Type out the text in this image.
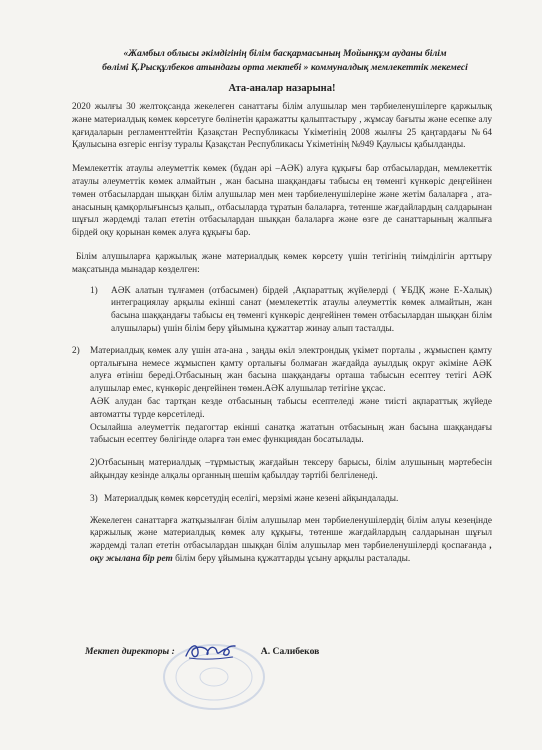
«Жамбыл облысы әкімдігінің білім басқармасының Мойынқұм ауданы білім
бөлімі Қ.Рысқұлбеков атындағы орта мектебі » коммуналдық мемлекеттік мекемесі
Ата-аналар назарына!

2020 жылғы 30 желтоқсанда жекелеген санаттағы білім алушылар мен тәрбиеленушілерге қаржылық және материалдық көмек көрсетуге бөлінетін қаражатты қалыптастыру , жұмсау бағыты және есепке алу қағидаларын регламенттейтін Қазақстан Республикасы Үкіметінің 2008 жылғы 25 қаңтардағы №64 Қаулысына өзгеріс енгізу туралы Қазақстан Республикасы Үкіметінің №949 Қаулысы қабылданды.

Мемлекеттік атаулы әлеуметтік көмек (бұдан әрі –АӘК) алуға құқығы бар отбасылардан, мемлекеттік атаулы әлеуметтік көмек алмайтын , жан басына шаққандағы табысы ең төменгі күнкөріс деңгейінен төмен отбасылардан шыққан білім алушылар мен мен тәрбиеленушілеріне және жетім балаларға , ата-анасының қамқорлығынсыз қалып,, отбасыларда тұратын балаларға, төтенше жағдайлардың салдарынан шұғыл жәрдемді талап ететін отбасылардан шыққан балаларға және өзге де санаттарының жалпыға бірдей оқу қорынан көмек алуға құқығы бар.

Білім алушыларға қаржылық және материалдық көмек көрсету үшін тетігінің тиімділігін арттыру мақсатында мынадар көзделген:

1)	АӘК алатын тұлғамен (отбасымен) бірдей ,Ақпараттық жүйелерді ( ҰБДҚ және Е-Халық) интеграциялау арқылы екінші санат (мемлекеттік атаулы әлеуметтік көмек алмайтын, жан басына шаққандағы табысы ең төменгі күнкөріс деңгейінен төмен отбасылардан шыққан білім алушылары) үшін білім беру ұйымына құжаттар жинау алып тасталды.
2)	Материалдық көмек алу үшін ата-ана , заңды өкіл электрондық үкімет порталы , жұмыспен қамту орталығына немесе жұмыспен қамту орталығы болмаған жағдайда ауылдық округ әкіміне АӘК алуға өтініш береді.Отбасының жан басына шаққандағы орташа табысын есептеу тетігі АӘК алушылар емес, күнкөріс деңгейінен төмен.АӘК алушылар тетігіне ұқсас.
АӘК алудан бас тартқан кезде отбасының табысы есептеледі және тиісті ақпараттық жүйеде автоматты түрде көрсетіледі.
Осылайша әлеуметтік педагогтар екінші санатқа жататын отбасының жан басына шаққандағы табысын есептеу бөлігінде оларға тән емес функциядан босатылады.
2)Отбасының материалдық –тұрмыстық жағдайын тексеру барысы, білім алушының мәртебесін айқындау кезінде алқалы органның шешім қабылдау тәртібі белгіленеді.
3) Материалдық көмек көрсетудің еселігі, мерзімі және кезені айқындалады.

Жекелеген санаттарға жатқызылған білім алушылар мен тәрбиеленушілердің білім алуы кезеңінде қаржылық және материалдық көмек алу құқығы, төтенше жағдайлардың салдарынан шұғыл жәрдемді талап ететін отбасылардан шыққан білім алушылар мен тәрбиеленушілерді қоспағанда , оқу жылана бір рет білім беру ұйымына құжаттарды ұсыну арқылы расталады.

Мектеп директоры :	А. Салибеков
